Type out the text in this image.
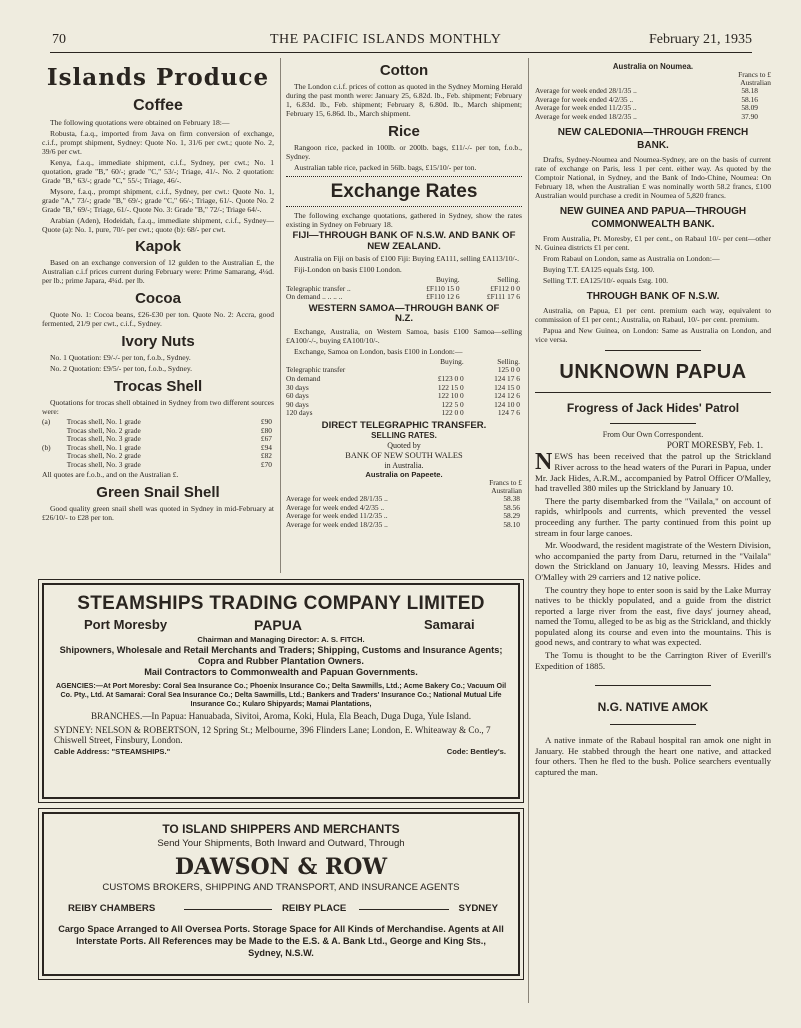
70	THE PACIFIC ISLANDS MONTHLY	February 21, 1935
Islands Produce
Coffee

The following quotations were obtained on February 18:—

Robusta, f.a.q., imported from Java on firm conversion of exchange, c.i.f., prompt shipment, Sydney: Quote No. 1, 31/6 per cwt.; quote No. 2, 39/6 per cwt.

Kenya, f.a.q., immediate shipment, c.i.f., Sydney, per cwt.; No. 1 quotation, grade "B," 60/-; grade "C," 53/-; Triage, 41/-. No. 2 quotation: Grade "B," 63/-; grade "C," 55/-; Triage, 46/-.

Mysore, f.a.q., prompt shipment, c.i.f., Sydney, per cwt.: Quote No. 1, grade "A," 73/-; grade "B," 69/-; grade "C," 66/-; Triage, 61/-. Quote No. 2 Grade "B," 69/-; Triage, 61/-. Quote No. 3: Grade "B," 72/-; Triage 64/-.

Arabian (Aden), Hodeidah, f.a.q., immediate shipment, c.i.f., Sydney—Quote (a): No. 1, pure, 70/- per cwt.; quote (b): 68/- per cwt.

Kapok

Based on an exchange conversion of 12 gulden to the Australian £, the Australian c.i.f prices current during February were: Prime Samarang, 4¼d. per lb.; prime Japara, 4¼d. per lb.

Cocoa

Quote No. 1: Cocoa beans, £26-£30 per ton. Quote No. 2: Accra, good fermented, 21/9 per cwt., c.i.f., Sydney.

Ivory Nuts

No. 1 Quotation: £9/-/- per ton, f.o.b., Sydney.

No. 2 Quotation: £9/5/- per ton, f.o.b., Sydney.

Trocas Shell

Quotations for trocas shell obtained in Sydney from two different sources were:

(a)	Trocas shell, No. 1 grade	£90
	Trocas shell, No. 2 grade	£80
	Trocas shell, No. 3 grade	£67
(b)	Trocas shell, No. 1 grade	£94
	Trocas shell, No. 2 grade	£82
	Trocas shell, No. 3 grade	£70

All quotes are f.o.b., and on the Australian £.

Green Snail Shell

Good quality green snail shell was quoted in Sydney in mid-February at £26/10/- to £28 per ton.

Cotton

The London c.i.f. prices of cotton as quoted in the Sydney Morning Herald during the past month were: January 25, 6.82d. lb., Feb. shipment; February 1, 6.83d. lb., Feb. shipment; February 8, 6.80d. lb., March shipment; February 15, 6.86d. lb., March shipment.

Rice

Rangoon rice, packed in 100lb. or 200lb. bags, £11/-/- per ton, f.o.b., Sydney.

Australian table rice, packed in 56lb. bags, £15/10/- per ton.

Exchange Rates

The following exchange quotations, gathered in Sydney, show the rates existing in Sydney on February 18.

FIJI—THROUGH BANK OF N.S.W. AND BANK OF NEW ZEALAND.

Australia on Fiji on basis of £100 Fiji: Buying £A111, selling £A113/10/-.

Fiji-London on basis £100 London.

	Buying.	Selling.
Telegraphic transfer ..	£F110 15 0	£F112 0 0
On demand .. .. .. ..	£F110 12 6	£F111 17 6
WESTERN SAMOA—THROUGH BANK OF N.Z.

Exchange, Australia, on Western Samoa, basis £100 Samoa—selling £A100/-/-, buying £A100/10/-.

Exchange, Samoa on London, basis £100 in London:—

	Buying.	Selling.
Telegraphic transfer		125 0 0
On demand	£123 0 0	124 17 6
30 days	122 15 0	124 15 0
60 days	122 10 0	124 12 6
90 days	122 5 0	124 10 0
120 days	122 0 0	124 7 6
DIRECT TELEGRAPHIC TRANSFER.
SELLING RATES.
Quoted by
BANK OF NEW SOUTH WALES
in Australia.
Australia on Papeete.
Francs to £
Australian
Average for week ended 28/1/35 ..	58.38
Average for week ended 4/2/35 ..	58.56
Average for week ended 11/2/35 ..	58.29
Average for week ended 18/2/35 ..	58.10
Australia on Noumea.
Francs to £
Australian
Average for week ended 28/1/35 ..	58.18
Average for week ended 4/2/35 ..	58.16
Average for week ended 11/2/35 ..	58.09
Average for week ended 18/2/35 ..	37.90
NEW CALEDONIA—THROUGH FRENCH BANK.

Drafts, Sydney-Noumea and Noumea-Sydney, are on the basis of current rate of exchange on Paris, less 1 per cent. either way. As quoted by the Comptoir National, in Sydney, and the Bank of Indo-Chine, Noumea: On February 18, when the Australian £ was nominally worth 58.2 francs, £100 Australian would purchase a credit in Noumea of 5,820 francs.

NEW GUINEA AND PAPUA—THROUGH COMMONWEALTH BANK.

From Australia, Pt. Moresby, £1 per cent., on Rabaul 10/- per cent—other N. Guinea districts £1 per cent.

From Rabaul on London, same as Australia on London:—

Buying T.T. £A125 equals £stg. 100.

Selling T.T. £A125/10/- equals £stg. 100.

THROUGH BANK OF N.S.W.

Australia, on Papua, £1 per cent. premium each way, equivalent to commission of £1 per cent.; Australia, on Rabaul, 10/- per cent. premium.

Papua and New Guinea, on London: Same as Australia on London, and vice versa.

UNKNOWN PAPUA
Frogress of Jack Hides' Patrol
From Our Own Correspondent.
PORT MORESBY, Feb. 1.

NEWS has been received that the patrol up the Strickland River across to the head waters of the Purari in Papua, under Mr. Jack Hides, A.R.M., accompanied by Patrol Officer O'Malley, had travelled 380 miles up the Strickland by January 10.

There the party disembarked from the "Vailala," on account of rapids, whirlpools and currents, which prevented the vessel proceeding any further. The party continued from this point up stream in four large canoes.

Mr. Woodward, the resident magistrate of the Western Division, who accompanied the party from Daru, returned in the "Vailala" down the Strickland on January 10, leaving Messrs. Hides and O'Malley with 29 carriers and 12 native police.

The country they hope to enter soon is said by the Lake Murray natives to be thickly populated, and a guide from the district reported a large river from the east, five days' journey ahead, named the Tomu, alleged to be as big as the Strickland, and thickly populated along its course and even into the mountains. This is good news, and contrary to what was expected.

The Tomu is thought to be the Carrington River of Everill's Expedition of 1885.

N.G. NATIVE AMOK

A native inmate of the Rabaul hospital ran amok one night in January. He stabbed through the heart one native, and attacked four others. Then he fled to the bush. Police searchers eventually captured the man.

STEAMSHIPS TRADING COMPANY LIMITED
Port Moresby	PAPUA	Samarai

Chairman and Managing Director: A. S. FITCH.

Shipowners, Wholesale and Retail Merchants and Traders; Shipping, Customs and Insurance Agents; Copra and Rubber Plantation Owners.

Mail Contractors to Commonwealth and Papuan Governments.

AGENCIES:—At Port Moresby: Coral Sea Insurance Co.; Phoenix Insurance Co.; Delta Sawmills, Ltd.; Acme Bakery Co.; Vacuum Oil Co. Pty., Ltd. At Samarai: Coral Sea Insurance Co.; Delta Sawmills, Ltd.; Bankers and Traders' Insurance Co.; National Mutual Life Insurance Co.; Kularo Shipyards; Mamai Plantations,

BRANCHES.—In Papua: Hanuabada, Sivitoi, Aroma, Koki, Hula, Ela Beach, Duga Duga, Yule Island.

SYDNEY: NELSON & ROBERTSON, 12 Spring St.; Melbourne, 396 Flinders Lane; London, E. Whiteaway & Co., 7 Chiswell Street, Finsbury, London.

Cable Address: "STEAMSHIPS."	Code: Bentley's.

TO ISLAND SHIPPERS AND MERCHANTS

Send Your Shipments, Both Inward and Outward, Through

DAWSON & ROW

CUSTOMS BROKERS, SHIPPING AND TRANSPORT, AND INSURANCE AGENTS

REIBY CHAMBERS	REIBY PLACE	SYDNEY

Cargo Space Arranged to All Oversea Ports. Storage Space for All Kinds of Merchandise. Agents at All Interstate Ports. All References may be Made to the E.S. & A. Bank Ltd., George and King Sts., Sydney, N.S.W.
